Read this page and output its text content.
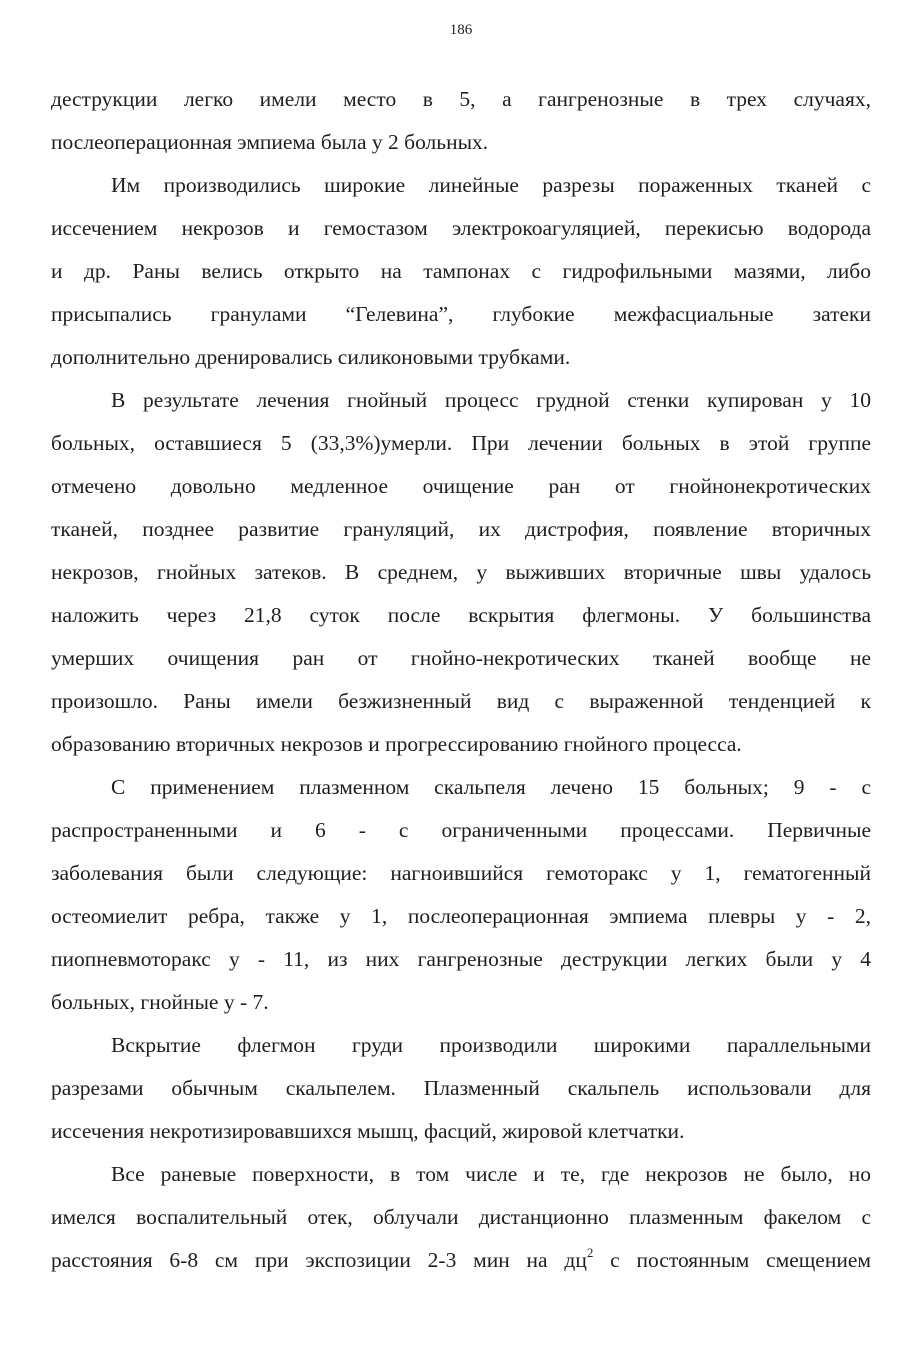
186
деструкции легко имели место в 5, а гангренозные в трех случаях,
послеоперационная эмпиема была у 2 больных.
Им производились широкие линейные разрезы пораженных тканей с
иссечением некрозов и гемостазом электрокоагуляцией, перекисью водорода
и др. Раны велись открыто на тампонах с гидрофильными мазями, либо
присыпались гранулами “Гелевина”, глубокие межфасциальные затеки
дополнительно дренировались силиконовыми трубками.
В результате лечения гнойный процесс грудной стенки купирован у 10
больных, оставшиеся 5 (33,3%)умерли. При лечении больных в этой группе
отмечено довольно медленное очищение ран от гнойнонекротических
тканей, позднее развитие грануляций, их дистрофия, появление вторичных
некрозов, гнойных затеков. В среднем, у выживших вторичные швы удалось
наложить через 21,8 суток после вскрытия флегмоны. У большинства
умерших очищения ран от гнойно-некротических тканей вообще не
произошло. Раны имели безжизненный вид с выраженной тенденцией к
образованию вторичных некрозов и прогрессированию гнойного процесса.
С применением плазменном скальпеля лечено 15 больных; 9 - с
распространенными и 6 - с ограниченными процессами. Первичные
заболевания были следующие: нагноившийся гемоторакс у 1, гематогенный
остеомиелит ребра, также у 1, послеоперационная эмпиема плевры у - 2,
пиопневмоторакс у - 11, из них гангренозные деструкции легких были у 4
больных, гнойные у - 7.
Вскрытие флегмон груди производили широкими параллельными
разрезами обычным скальпелем. Плазменный скальпель использовали для
иссечения некротизировавшихся мышц, фасций, жировой клетчатки.
Все раневые поверхности, в том числе и те, где некрозов не было, но
имелся воспалительный отек, облучали дистанционно плазменным факелом с
расстояния 6-8 см при экспозиции 2-3 мин на $дц^2$ с постоянным смещением
